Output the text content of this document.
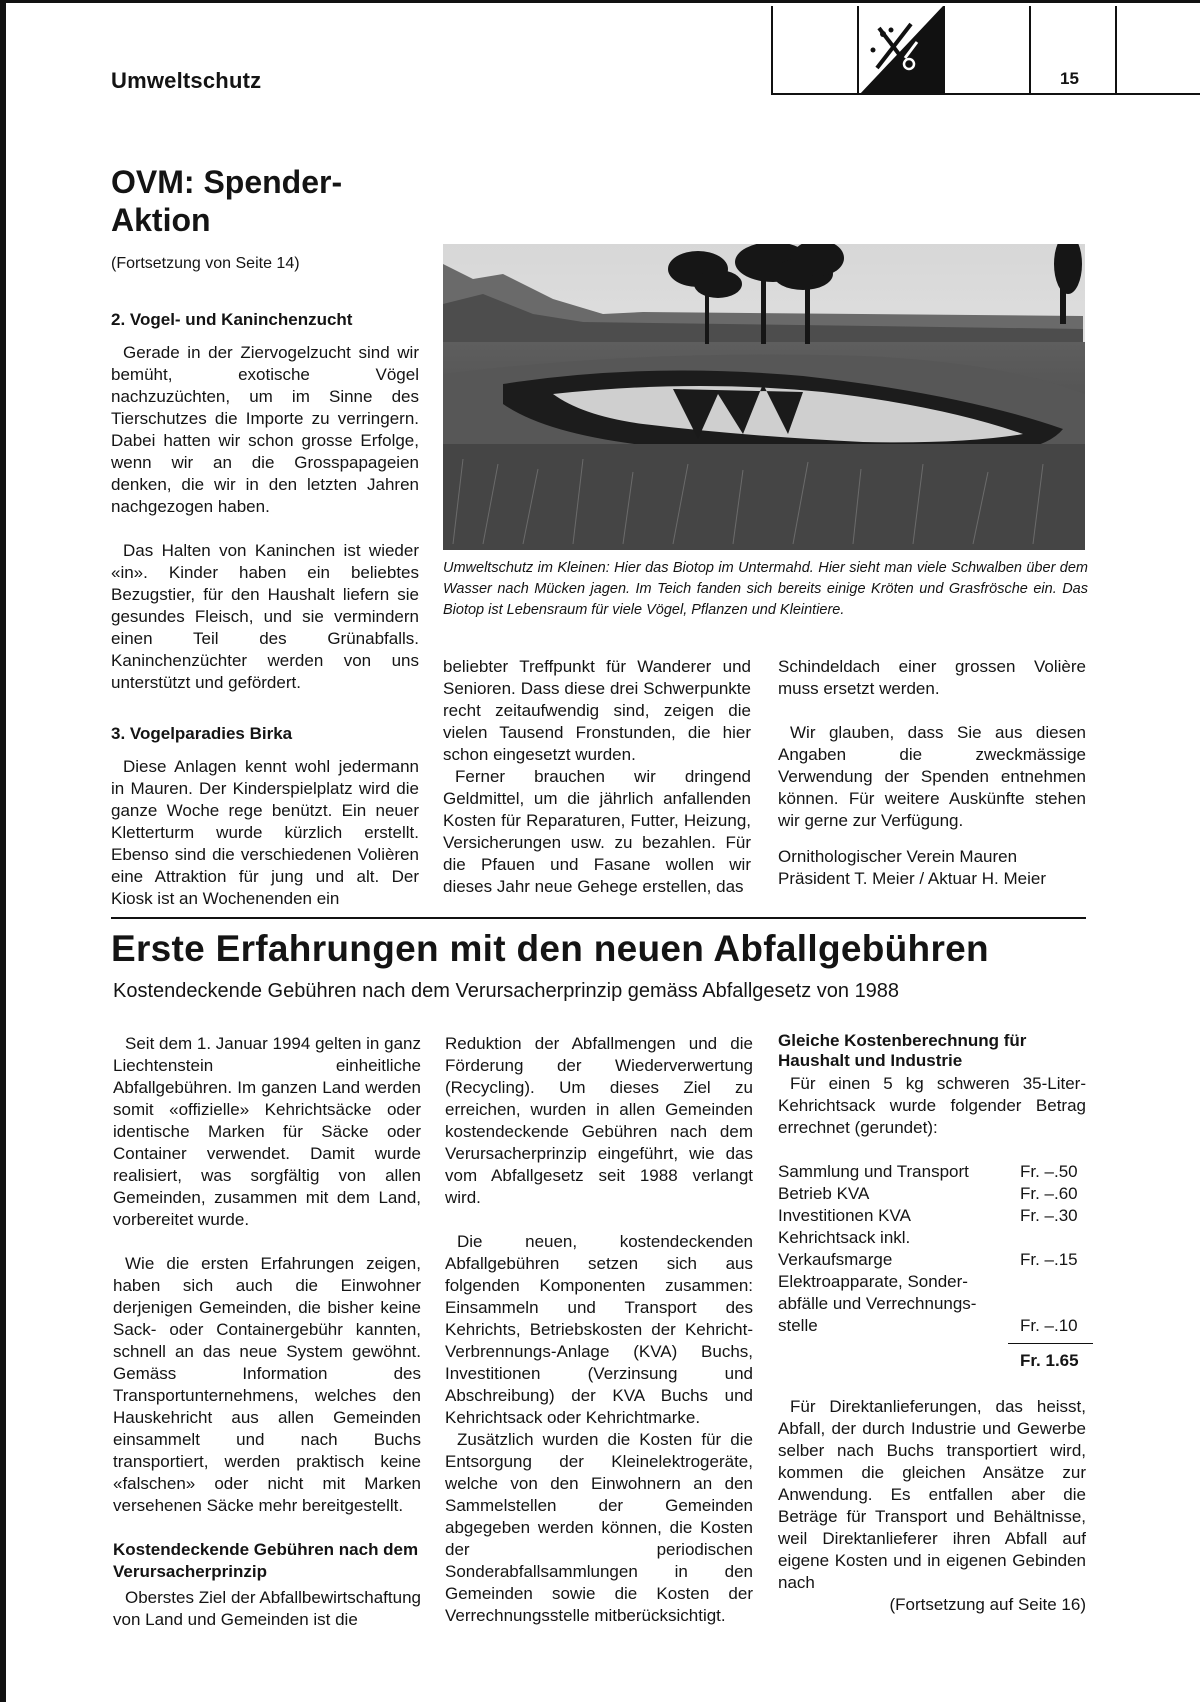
Umweltschutz	15
OVM: Spender-Aktion
(Fortsetzung von Seite 14)
2. Vogel- und Kaninchenzucht

Gerade in der Ziervogelzucht sind wir bemüht, exotische Vögel nachzuzüchten, um im Sinne des Tierschutzes die Importe zu verringern. Dabei hatten wir schon grosse Erfolge, wenn wir an die Grosspapageien denken, die wir in den letzten Jahren nachgezogen haben.

Das Halten von Kaninchen ist wieder «in». Kinder haben ein beliebtes Bezugstier, für den Haushalt liefern sie gesundes Fleisch, und sie vermindern einen Teil des Grünabfalls. Kaninchenzüchter werden von uns unterstützt und gefördert.

3. Vogelparadies Birka

Diese Anlagen kennt wohl jedermann in Mauren. Der Kinderspielplatz wird die ganze Woche rege benützt. Ein neuer Kletterturm wurde kürzlich erstellt. Ebenso sind die verschiedenen Volièren eine Attraktion für jung und alt. Der Kiosk ist an Wochenenden ein

Umweltschutz im Kleinen: Hier das Biotop im Untermahd. Hier sieht man viele Schwalben über dem Wasser nach Mücken jagen. Im Teich fanden sich bereits einige Kröten und Grasfrösche ein. Das Biotop ist Lebensraum für viele Vögel, Pflanzen und Kleintiere.

beliebter Treffpunkt für Wanderer und Senioren. Dass diese drei Schwerpunkte recht zeitaufwendig sind, zeigen die vielen Tausend Fronstunden, die hier schon eingesetzt wurden.

Ferner brauchen wir dringend Geldmittel, um die jährlich anfallenden Kosten für Reparaturen, Futter, Heizung, Versicherungen usw. zu bezahlen. Für die Pfauen und Fasane wollen wir dieses Jahr neue Gehege erstellen, das

Schindeldach einer grossen Volière muss ersetzt werden.

Wir glauben, dass Sie aus diesen Angaben die zweckmässige Verwendung der Spenden entnehmen können. Für weitere Auskünfte stehen wir gerne zur Verfügung.

Ornithologischer Verein Mauren
Präsident T. Meier / Aktuar H. Meier
Erste Erfahrungen mit den neuen Abfallgebühren
Kostendeckende Gebühren nach dem Verursacherprinzip gemäss Abfallgesetz von 1988

Seit dem 1. Januar 1994 gelten in ganz Liechtenstein einheitliche Abfallgebühren. Im ganzen Land werden somit «offizielle» Kehrichtsäcke oder identische Marken für Säcke oder Container verwendet. Damit wurde realisiert, was sorgfältig von allen Gemeinden, zusammen mit dem Land, vorbereitet wurde.

Wie die ersten Erfahrungen zeigen, haben sich auch die Einwohner derjenigen Gemeinden, die bisher keine Sack- oder Containergebühr kannten, schnell an das neue System gewöhnt. Gemäss Information des Transportunternehmens, welches den Hauskehricht aus allen Gemeinden einsammelt und nach Buchs transportiert, werden praktisch keine «falschen» oder nicht mit Marken versehenen Säcke mehr bereitgestellt.

Kostendeckende Gebühren nach dem Verursacherprinzip

Oberstes Ziel der Abfallbewirtschaftung von Land und Gemeinden ist die

Reduktion der Abfallmengen und die Förderung der Wiederverwertung (Recycling). Um dieses Ziel zu erreichen, wurden in allen Gemeinden kostendeckende Gebühren nach dem Verursacherprinzip eingeführt, wie das vom Abfallgesetz seit 1988 verlangt wird.

Die neuen, kostendeckenden Abfallgebühren setzen sich aus folgenden Komponenten zusammen: Einsammeln und Transport des Kehrichts, Betriebskosten der Kehricht-Verbrennungs-Anlage (KVA) Buchs, Investitionen (Verzinsung und Abschreibung) der KVA Buchs und Kehrichtsack oder Kehrichtmarke.

Zusätzlich wurden die Kosten für die Entsorgung der Kleinelektrogeräte, welche von den Einwohnern an den Sammelstellen der Gemeinden abgegeben werden können, die Kosten der periodischen Sonderabfallsammlungen in den Gemeinden sowie die Kosten der Verrechnungsstelle mitberücksichtigt.

Gleiche Kostenberechnung für Haushalt und Industrie

Für einen 5 kg schweren 35-Liter-Kehrichtsack wurde folgender Betrag errechnet (gerundet):

Sammlung und Transport	Fr. –.50
Betrieb KVA	Fr. –.60
Investitionen KVA	Fr. –.30
Kehrichtsack inkl.
Verkaufsmarge	Fr. –.15
Elektroapparate, Sonder-
abfälle und Verrechnungs-
stelle	Fr. –.10
Fr. 1.65

Für Direktanlieferungen, das heisst, Abfall, der durch Industrie und Gewerbe selber nach Buchs transportiert wird, kommen die gleichen Ansätze zur Anwendung. Es entfallen aber die Beträge für Transport und Behältnisse, weil Direktanlieferer ihren Abfall auf eigene Kosten und in eigenen Gebinden nach

(Fortsetzung auf Seite 16)
